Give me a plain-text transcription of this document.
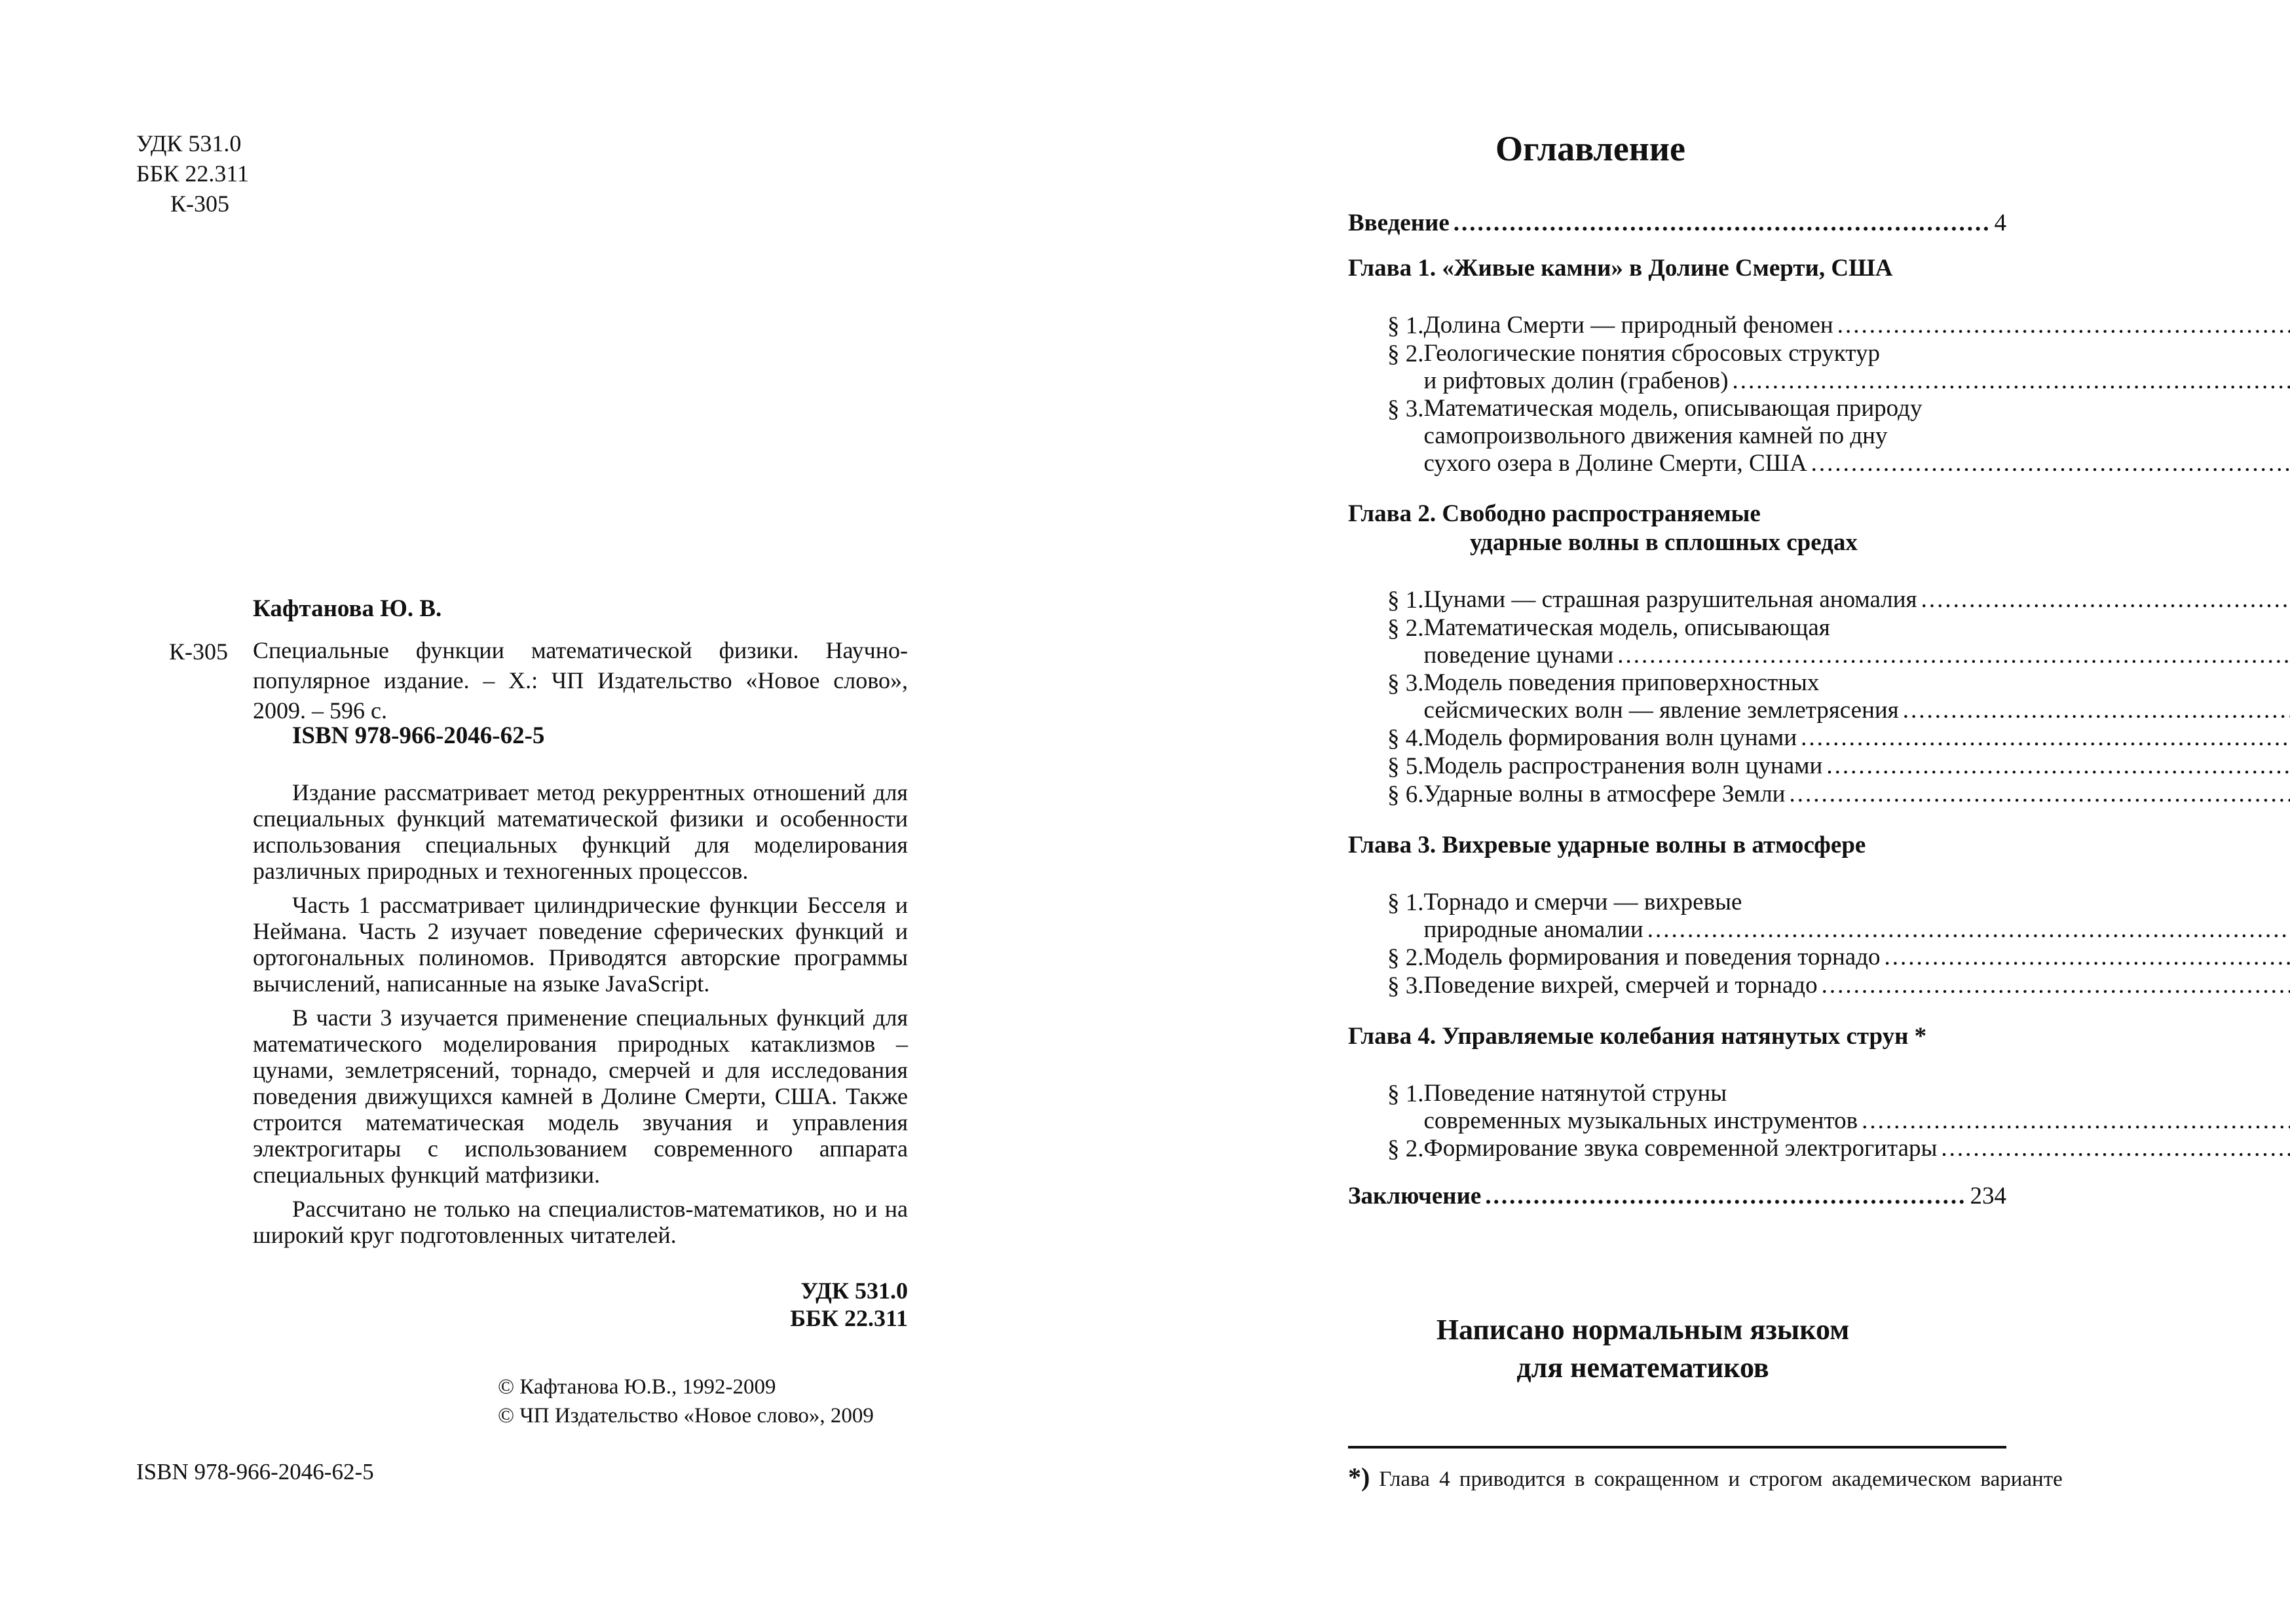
УДК 531.0
ББК 22.311
К-305
Кафтанова Ю. В.
К-305 Специальные функции математической физики. Научно-популярное издание. – Х.: ЧП Издательство «Новое слово», 2009. – 596 с.
ISBN 978-966-2046-62-5

Издание рассматривает метод рекуррентных отношений для специальных функций математической физики и особенности использования специальных функций для моделирования различных природных и техногенных процессов.

Часть 1 рассматривает цилиндрические функции Бесселя и Неймана. Часть 2 изучает поведение сферических функций и ортогональных полиномов. Приводятся авторские программы вычислений, написанные на языке JavaScript.

В части 3 изучается применение специальных функций для математического моделирования природных катаклизмов – цунами, землетрясений, торнадо, смерчей и для исследования поведения движущихся камней в Долине Смерти, США. Также строится математическая модель звучания и управления электрогитары с использованием современного аппарата специальных функций матфизики.

Рассчитано не только на специалистов-математиков, но и на широкий круг подготовленных читателей.

УДК 531.0
ББК 22.311
© Кафтанова Ю.В., 1992-2009
© ЧП Издательство «Новое слово», 2009
ISBN 978-966-2046-62-5
Оглавление
Введение .....	4
Глава 1. «Живые камни» в Долине Смерти, США
§ 1. Долина Смерти — природный феномен
.....
§ 2. Геологические понятия сбросовых структур
и рифтовых долин (грабенов)
.....
§ 3. Математическая модель, описывающая природу
самопроизвольного движения камней по дну
сухого озера в Долине Смерти, США
.....
Глава 2. Свободно распространяемые
ударные волны в сплошных средах
§ 1. Цунами — страшная разрушительная аномалия
.....
§ 2. Математическая модель, описывающая
поведение цунами
.....
§ 3. Модель поведения приповерхностных
сейсмических волн — явление землетрясения
.....
§ 4. Модель формирования волн цунами
.....
§ 5. Модель распространения волн цунами
.....
§ 6. Ударные волны в атмосфере Земли
.....
Глава 3. Вихревые ударные волны в атмосфере
§ 1. Торнадо и смерчи — вихревые
природные аномалии
.....
§ 2. Модель формирования и поведения торнадо
.....
§ 3. Поведение вихрей, смерчей и торнадо
.....
Глава 4. Управляемые колебания натянутых струн *
§ 1. Поведение натянутой струны
современных музыкальных инструментов
.....
§ 2. Формирование звука современной электрогитары
.....
Заключение .....	234
Написано нормальным языком
для нематематиков
*) Глава 4 приводится в сокращенном и строгом академическом варианте
